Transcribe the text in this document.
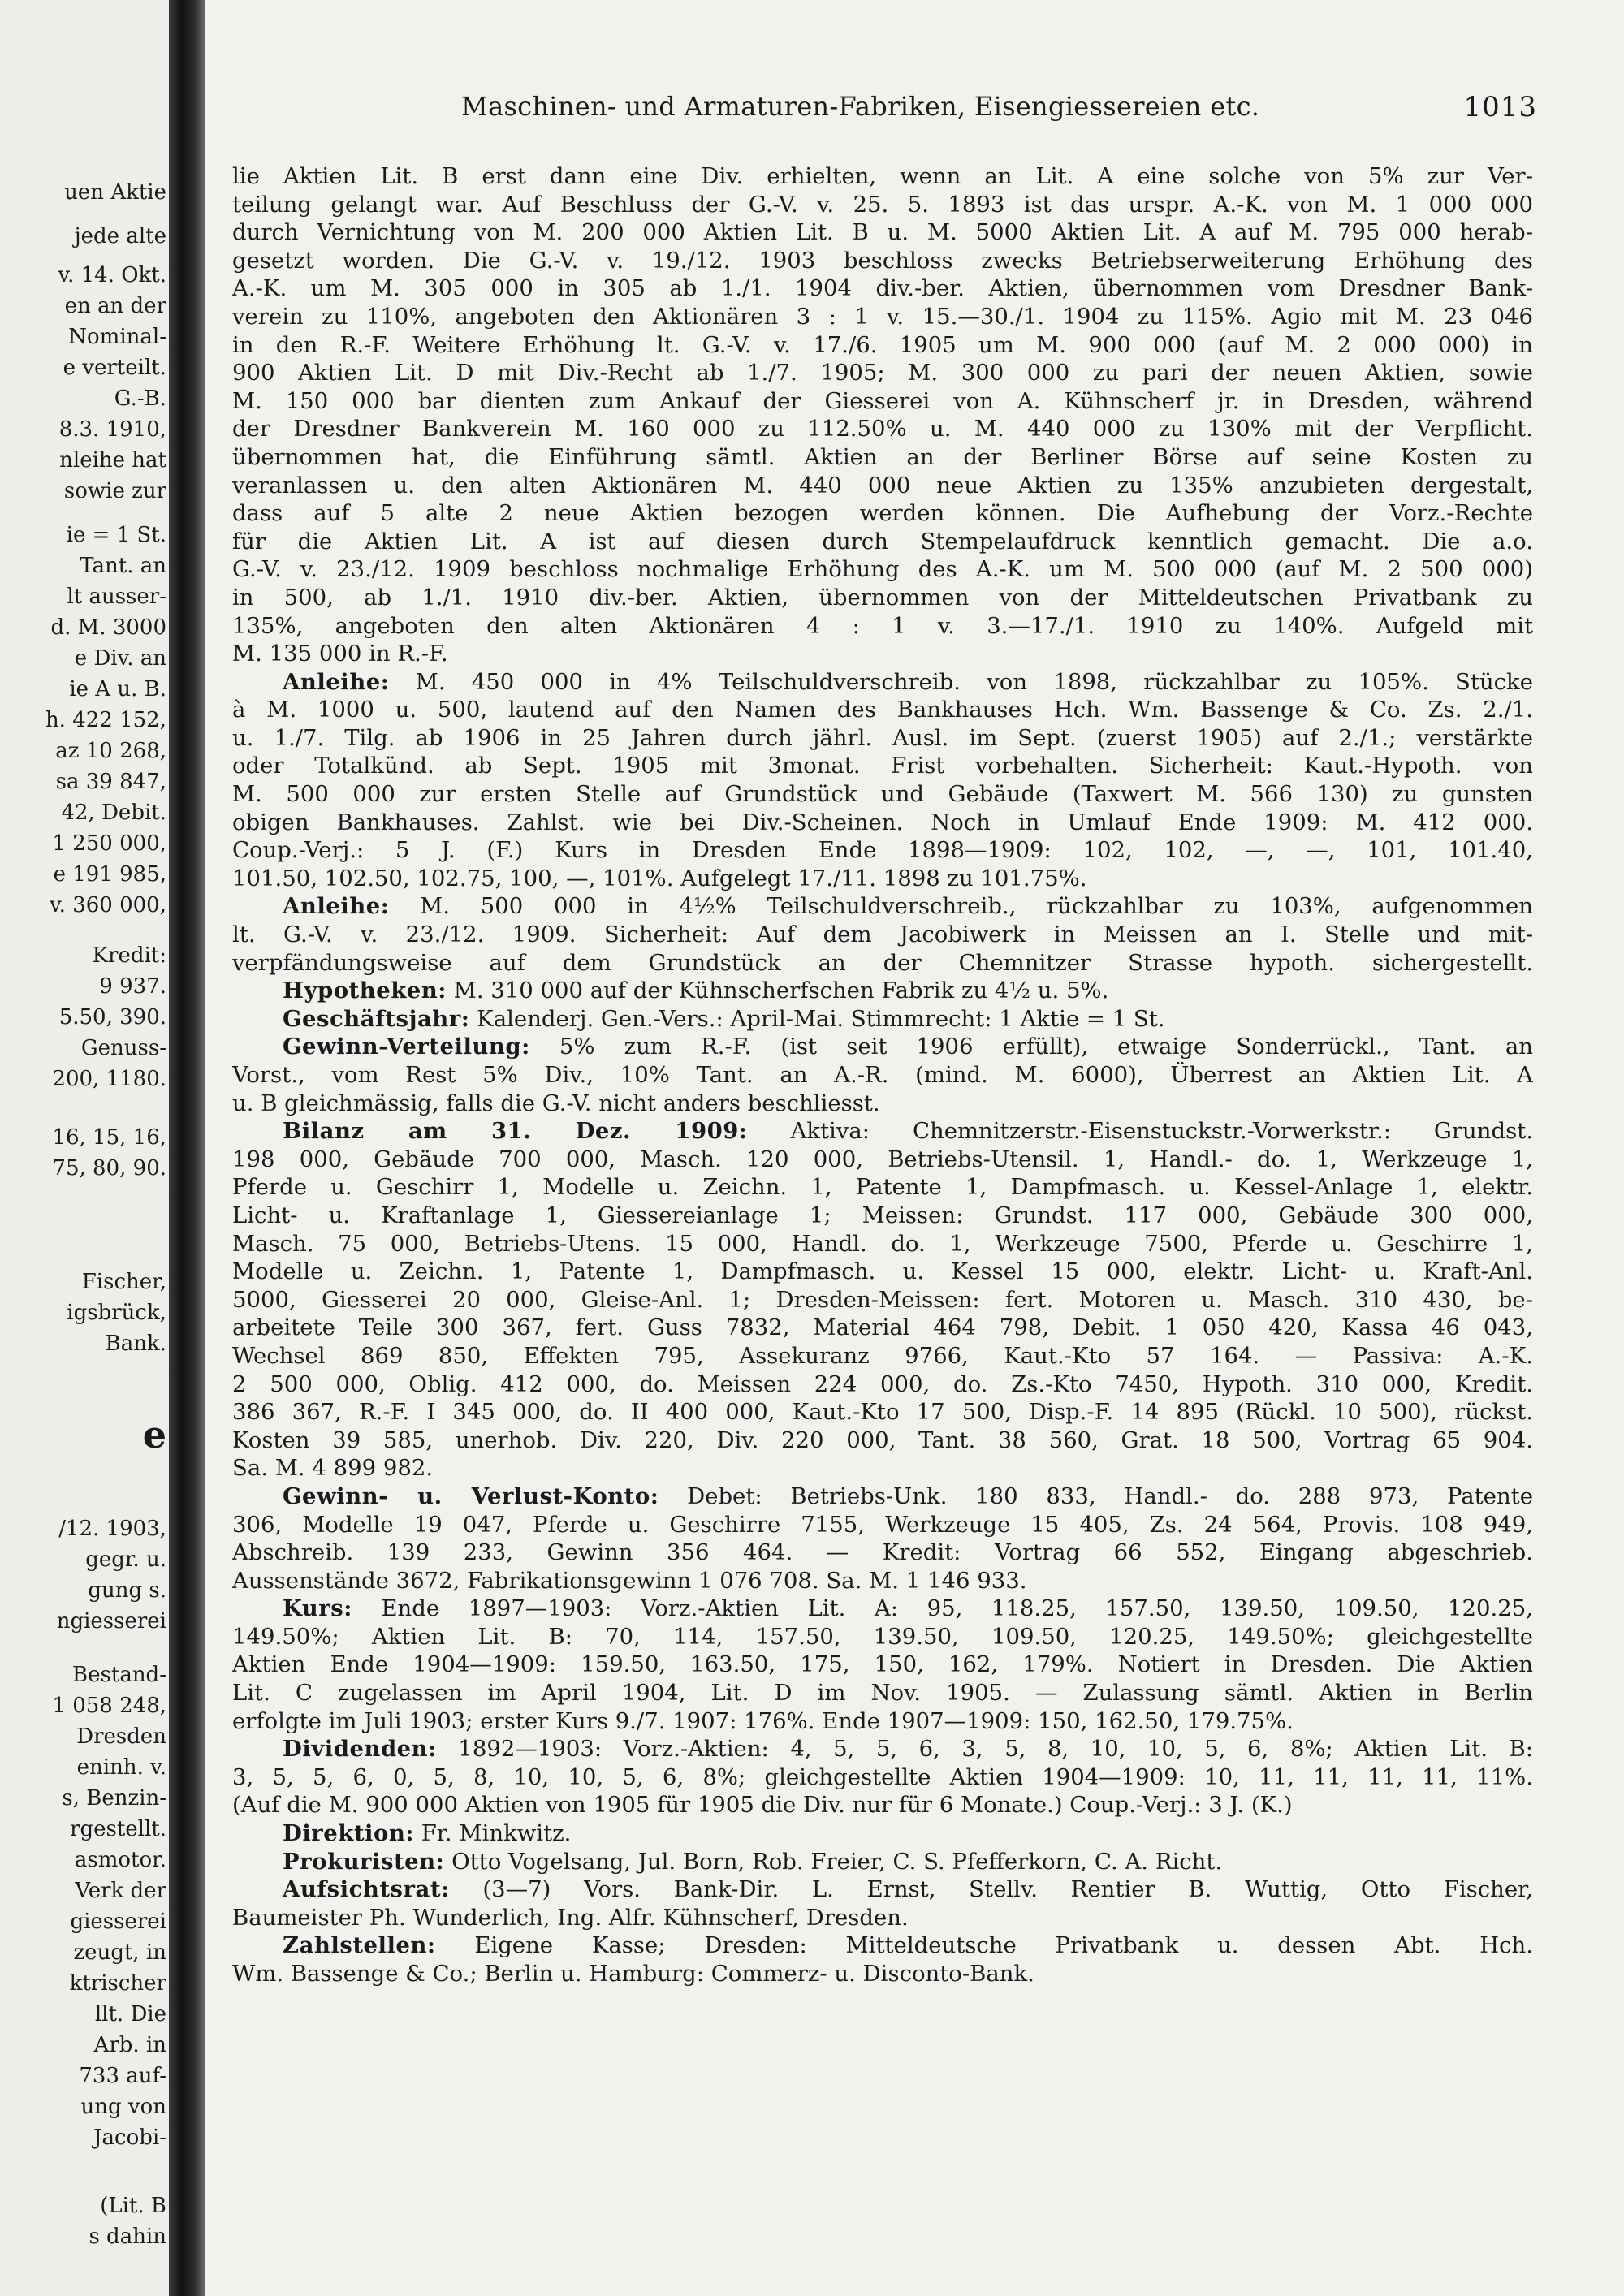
uen Aktie
jede alte
v. 14. Okt.
en an der
Nominal-
e verteilt.
G.-B.
8.3. 1910,
nleihe hat
sowie zur
ie = 1 St.
Tant. an
lt ausser-
d. M. 3000
e Div. an
ie A u. B.
h. 422 152,
az 10 268,
sa 39 847,
42, Debit.
1 250 000,
e 191 985,
v. 360 000,
Kredit:
9 937.
5.50, 390.
Genuss-
200, 1180.
16, 15, 16,
75, 80, 90.
Fischer,
igsbrück,
Bank.
e
/12. 1903,
gegr. u.
gung s.
ngiesserei
Bestand-
1 058 248,
Dresden
eninh. v.
s, Benzin-
rgestellt.
asmotor.
Verk der
giesserei
zeugt, in
ktrischer
llt. Die
Arb. in
733 auf-
ung von
Jacobi-
(Lit. B
s dahin
Maschinen- und Armaturen-Fabriken, Eisengiessereien etc.	1013
lie Aktien Lit. B erst dann eine Div. erhielten, wenn an Lit. A eine solche von 5% zur Ver-
teilung gelangt war. Auf Beschluss der G.-V. v. 25. 5. 1893 ist das urspr. A.-K. von M. 1 000 000
durch Vernichtung von M. 200 000 Aktien Lit. B u. M. 5000 Aktien Lit. A auf M. 795 000 herab-
gesetzt worden. Die G.-V. v. 19./12. 1903 beschloss zwecks Betriebserweiterung Erhöhung des
A.-K. um M. 305 000 in 305 ab 1./1. 1904 div.-ber. Aktien, übernommen vom Dresdner Bank-
verein zu 110%, angeboten den Aktionären 3 : 1 v. 15.—30./1. 1904 zu 115%. Agio mit M. 23 046
in den R.-F. Weitere Erhöhung lt. G.-V. v. 17./6. 1905 um M. 900 000 (auf M. 2 000 000) in
900 Aktien Lit. D mit Div.-Recht ab 1./7. 1905; M. 300 000 zu pari der neuen Aktien, sowie
M. 150 000 bar dienten zum Ankauf der Giesserei von A. Kühnscherf jr. in Dresden, während
der Dresdner Bankverein M. 160 000 zu 112.50% u. M. 440 000 zu 130% mit der Verpflicht.
übernommen hat, die Einführung sämtl. Aktien an der Berliner Börse auf seine Kosten zu
veranlassen u. den alten Aktionären M. 440 000 neue Aktien zu 135% anzubieten dergestalt,
dass auf 5 alte 2 neue Aktien bezogen werden können. Die Aufhebung der Vorz.-Rechte
für die Aktien Lit. A ist auf diesen durch Stempelaufdruck kenntlich gemacht. Die a.o.
G.-V. v. 23./12. 1909 beschloss nochmalige Erhöhung des A.-K. um M. 500 000 (auf M. 2 500 000)
in 500, ab 1./1. 1910 div.-ber. Aktien, übernommen von der Mitteldeutschen Privatbank zu
135%, angeboten den alten Aktionären 4 : 1 v. 3.—17./1. 1910 zu 140%. Aufgeld mit
M. 135 000 in R.-F.
Anleihe: M. 450 000 in 4% Teilschuldverschreib. von 1898, rückzahlbar zu 105%. Stücke
à M. 1000 u. 500, lautend auf den Namen des Bankhauses Hch. Wm. Bassenge & Co. Zs. 2./1.
u. 1./7. Tilg. ab 1906 in 25 Jahren durch jährl. Ausl. im Sept. (zuerst 1905) auf 2./1.; verstärkte
oder Totalkünd. ab Sept. 1905 mit 3monat. Frist vorbehalten. Sicherheit: Kaut.-Hypoth. von
M. 500 000 zur ersten Stelle auf Grundstück und Gebäude (Taxwert M. 566 130) zu gunsten
obigen Bankhauses. Zahlst. wie bei Div.-Scheinen. Noch in Umlauf Ende 1909: M. 412 000.
Coup.-Verj.: 5 J. (F.) Kurs in Dresden Ende 1898—1909: 102, 102, —, —, 101, 101.40,
101.50, 102.50, 102.75, 100, —, 101%. Aufgelegt 17./11. 1898 zu 101.75%.
Anleihe: M. 500 000 in 4½% Teilschuldverschreib., rückzahlbar zu 103%, aufgenommen
lt. G.-V. v. 23./12. 1909. Sicherheit: Auf dem Jacobiwerk in Meissen an I. Stelle und mit-
verpfändungsweise auf dem Grundstück an der Chemnitzer Strasse hypoth. sichergestellt.
Hypotheken: M. 310 000 auf der Kühnscherfschen Fabrik zu 4½ u. 5%.
Geschäftsjahr: Kalenderj. Gen.-Vers.: April-Mai. Stimmrecht: 1 Aktie = 1 St.
Gewinn-Verteilung: 5% zum R.-F. (ist seit 1906 erfüllt), etwaige Sonderrückl., Tant. an
Vorst., vom Rest 5% Div., 10% Tant. an A.-R. (mind. M. 6000), Überrest an Aktien Lit. A
u. B gleichmässig, falls die G.-V. nicht anders beschliesst.
Bilanz am 31. Dez. 1909: Aktiva: Chemnitzerstr.-Eisenstuckstr.-Vorwerkstr.: Grundst.
198 000, Gebäude 700 000, Masch. 120 000, Betriebs-Utensil. 1, Handl.- do. 1, Werkzeuge 1,
Pferde u. Geschirr 1, Modelle u. Zeichn. 1, Patente 1, Dampfmasch. u. Kessel-Anlage 1, elektr.
Licht- u. Kraftanlage 1, Giessereianlage 1; Meissen: Grundst. 117 000, Gebäude 300 000,
Masch. 75 000, Betriebs-Utens. 15 000, Handl. do. 1, Werkzeuge 7500, Pferde u. Geschirre 1,
Modelle u. Zeichn. 1, Patente 1, Dampfmasch. u. Kessel 15 000, elektr. Licht- u. Kraft-Anl.
5000, Giesserei 20 000, Gleise-Anl. 1; Dresden-Meissen: fert. Motoren u. Masch. 310 430, be-
arbeitete Teile 300 367, fert. Guss 7832, Material 464 798, Debit. 1 050 420, Kassa 46 043,
Wechsel 869 850, Effekten 795, Assekuranz 9766, Kaut.-Kto 57 164. — Passiva: A.-K.
2 500 000, Oblig. 412 000, do. Meissen 224 000, do. Zs.-Kto 7450, Hypoth. 310 000, Kredit.
386 367, R.-F. I 345 000, do. II 400 000, Kaut.-Kto 17 500, Disp.-F. 14 895 (Rückl. 10 500), rückst.
Kosten 39 585, unerhob. Div. 220, Div. 220 000, Tant. 38 560, Grat. 18 500, Vortrag 65 904.
Sa. M. 4 899 982.
Gewinn- u. Verlust-Konto: Debet: Betriebs-Unk. 180 833, Handl.- do. 288 973, Patente
306, Modelle 19 047, Pferde u. Geschirre 7155, Werkzeuge 15 405, Zs. 24 564, Provis. 108 949,
Abschreib. 139 233, Gewinn 356 464. — Kredit: Vortrag 66 552, Eingang abgeschrieb.
Aussenstände 3672, Fabrikationsgewinn 1 076 708. Sa. M. 1 146 933.
Kurs: Ende 1897—1903: Vorz.-Aktien Lit. A: 95, 118.25, 157.50, 139.50, 109.50, 120.25,
149.50%; Aktien Lit. B: 70, 114, 157.50, 139.50, 109.50, 120.25, 149.50%; gleichgestellte
Aktien Ende 1904—1909: 159.50, 163.50, 175, 150, 162, 179%. Notiert in Dresden. Die Aktien
Lit. C zugelassen im April 1904, Lit. D im Nov. 1905. — Zulassung sämtl. Aktien in Berlin
erfolgte im Juli 1903; erster Kurs 9./7. 1907: 176%. Ende 1907—1909: 150, 162.50, 179.75%.
Dividenden: 1892—1903: Vorz.-Aktien: 4, 5, 5, 6, 3, 5, 8, 10, 10, 5, 6, 8%; Aktien Lit. B:
3, 5, 5, 6, 0, 5, 8, 10, 10, 5, 6, 8%; gleichgestellte Aktien 1904—1909: 10, 11, 11, 11, 11, 11%.
(Auf die M. 900 000 Aktien von 1905 für 1905 die Div. nur für 6 Monate.) Coup.-Verj.: 3 J. (K.)
Direktion: Fr. Minkwitz.
Prokuristen: Otto Vogelsang, Jul. Born, Rob. Freier, C. S. Pfefferkorn, C. A. Richt.
Aufsichtsrat: (3—7) Vors. Bank-Dir. L. Ernst, Stellv. Rentier B. Wuttig, Otto Fischer,
Baumeister Ph. Wunderlich, Ing. Alfr. Kühnscherf, Dresden.
Zahlstellen: Eigene Kasse; Dresden: Mitteldeutsche Privatbank u. dessen Abt. Hch.
Wm. Bassenge & Co.; Berlin u. Hamburg: Commerz- u. Disconto-Bank.
